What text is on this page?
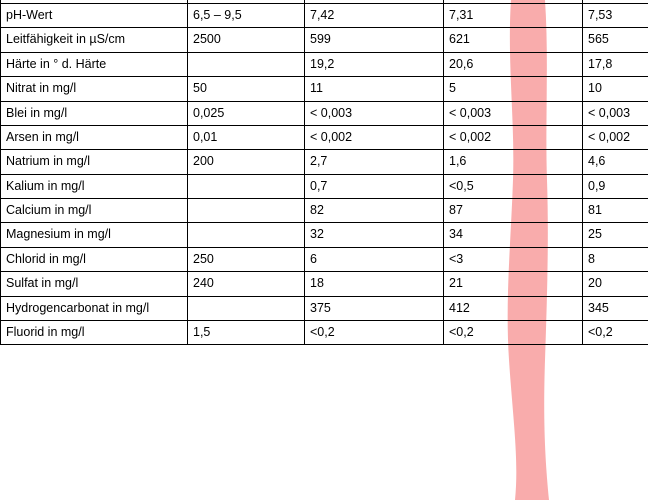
pH-Wert	6,5 – 9,5	7,42	7,31	7,53
Leitfähigkeit in µS/cm	2500	599	621	565
Härte in ° d. Härte		19,2	20,6	17,8
Nitrat in mg/l	50	11	5	10
Blei in mg/l	0,025	< 0,003	< 0,003	< 0,003
Arsen in mg/l	0,01	< 0,002	< 0,002	< 0,002
Natrium in mg/l	200	2,7	1,6	4,6
Kalium in mg/l		0,7	<0,5	0,9
Calcium in mg/l		82	87	81
Magnesium in mg/l		32	34	25
Chlorid in mg/l	250	6	<3	8
Sulfat in mg/l	240	18	21	20
Hydrogencarbonat in mg/l		375	412	345
Fluorid in mg/l	1,5	<0,2	<0,2	<0,2
